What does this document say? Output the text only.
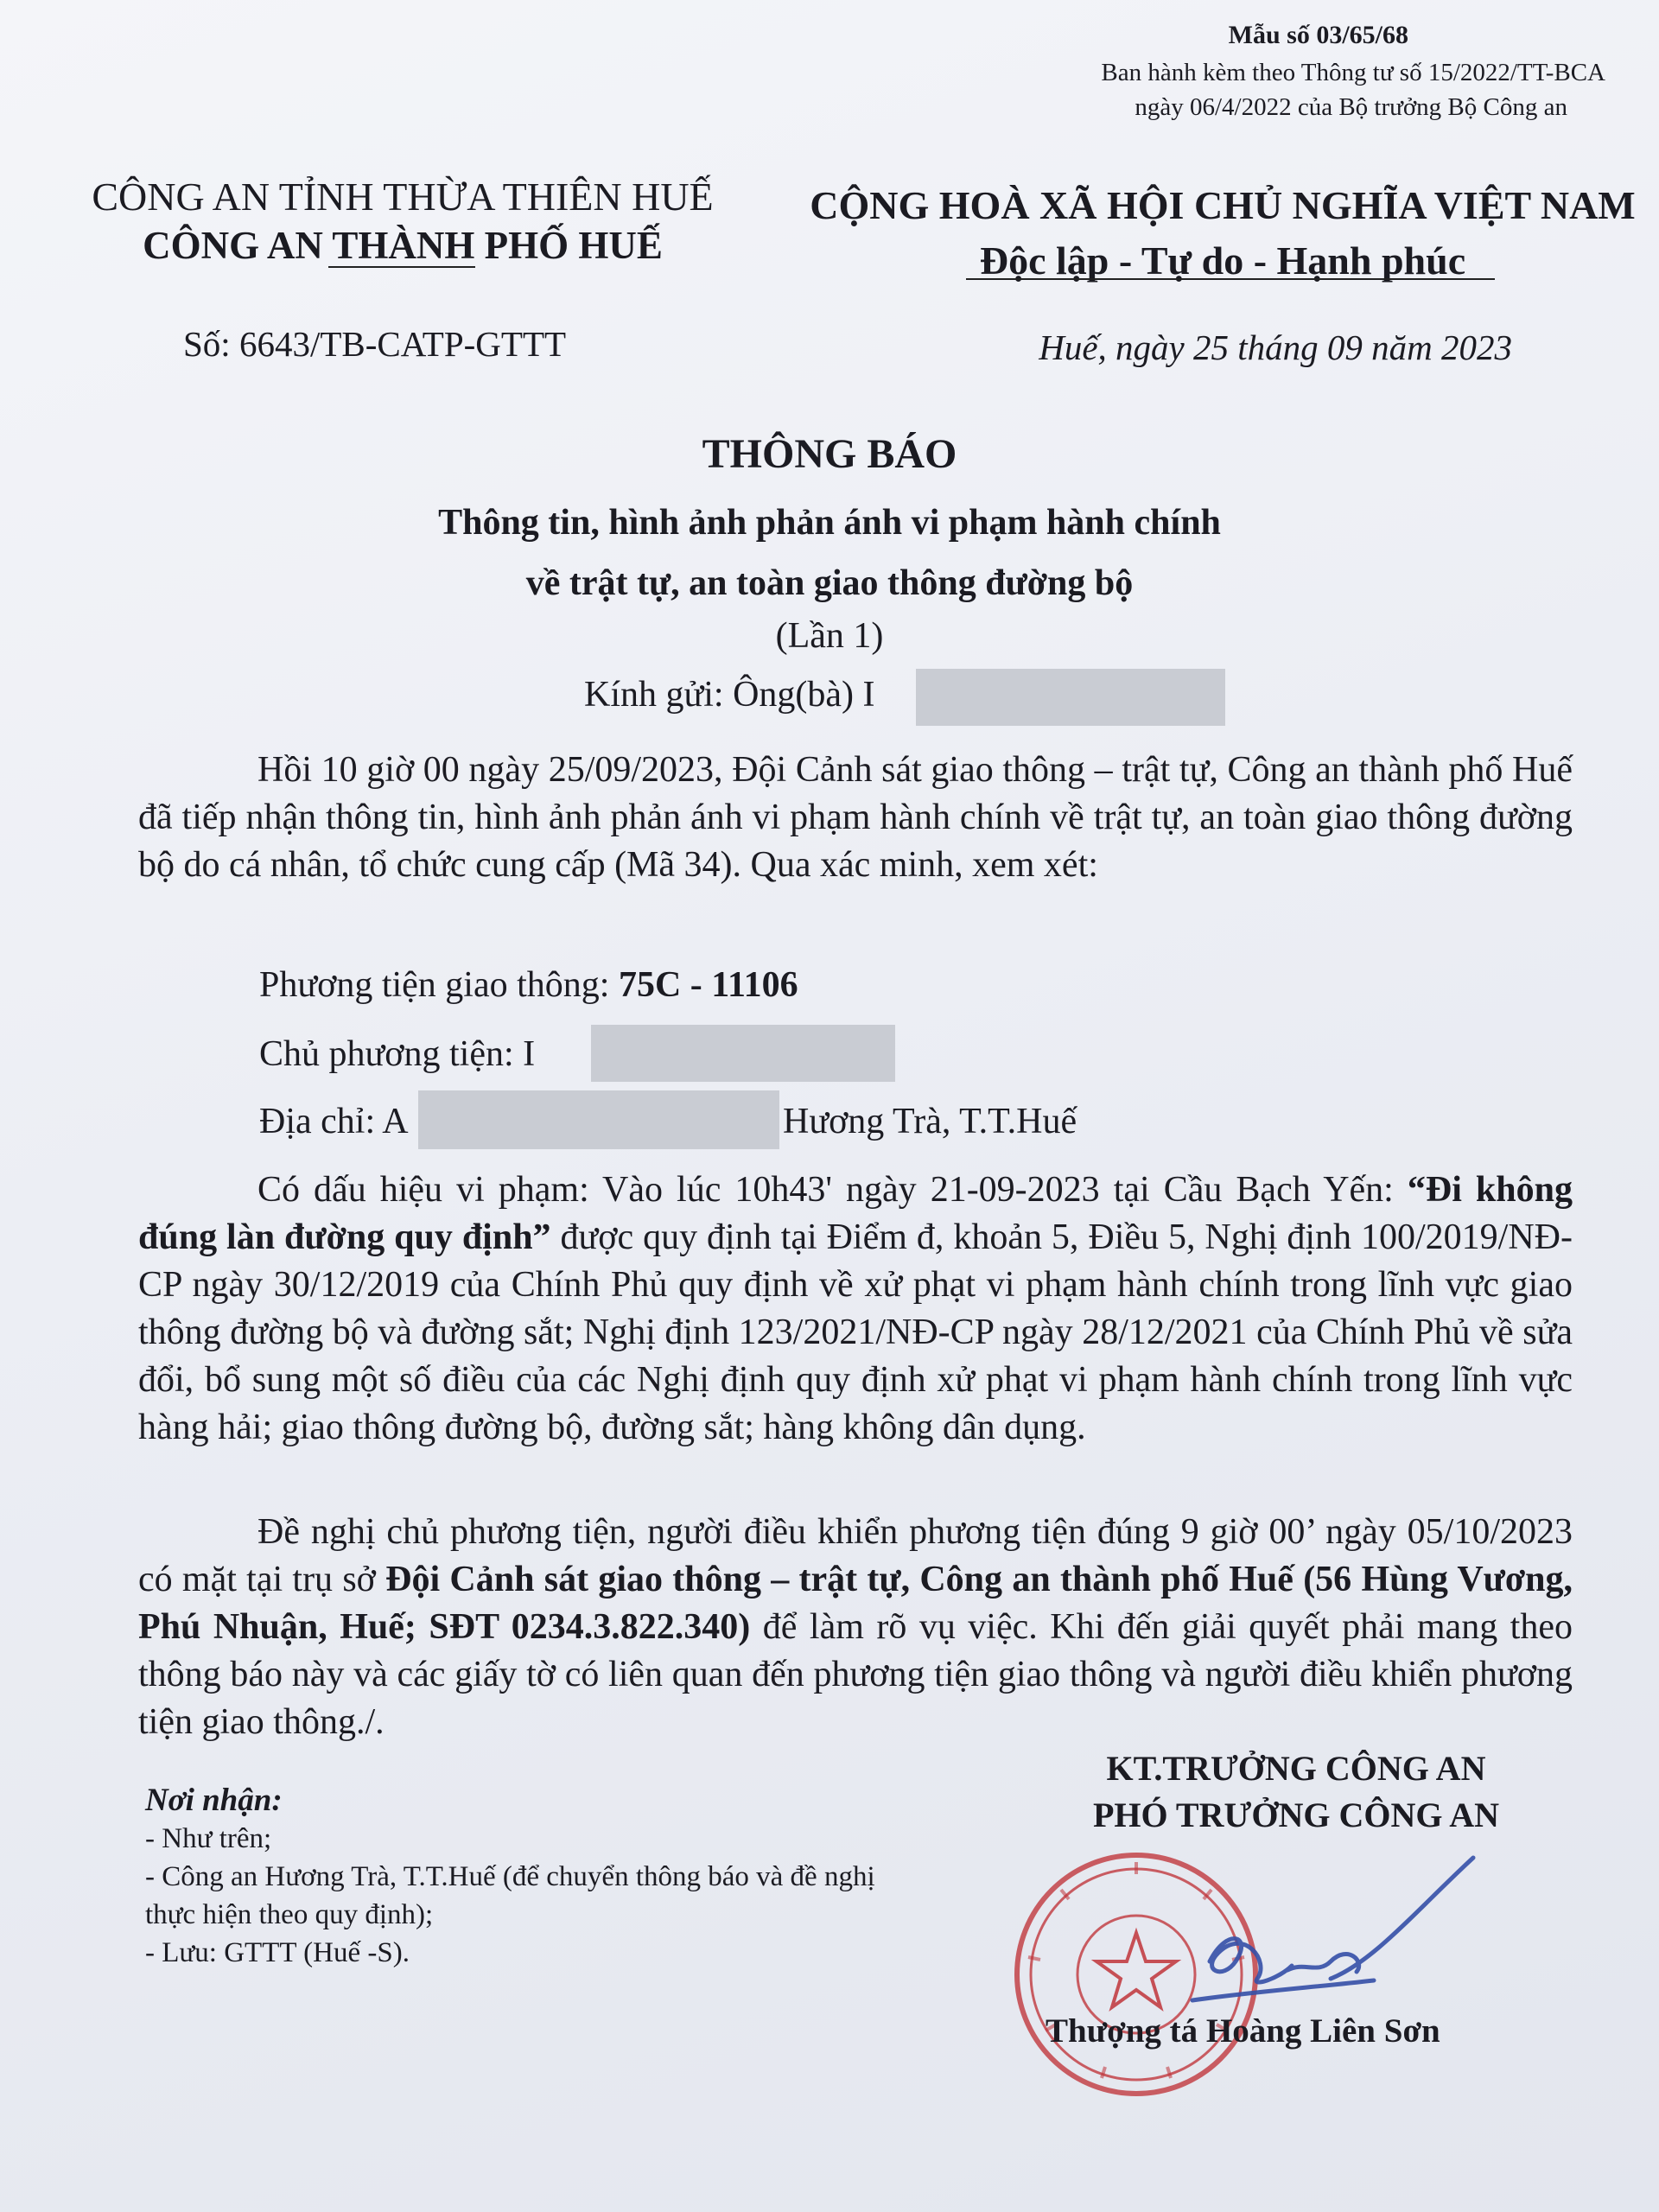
Mẫu số 03/65/68
Ban hành kèm theo Thông tư số 15/2022/TT-BCA
ngày 06/4/2022 của Bộ trưởng Bộ Công an
CÔNG AN TỈNH THỪA THIÊN HUẾ
CÔNG AN THÀNH PHỐ HUẾ
CỘNG HOÀ XÃ HỘI CHỦ NGHĨA VIỆT NAM
Độc lập - Tự do - Hạnh phúc
Số: 6643/TB-CATP-GTTT	Huế, ngày 25 tháng 09 năm 2023
THÔNG BÁO
Thông tin, hình ảnh phản ánh vi phạm hành chính
về trật tự, an toàn giao thông đường bộ
(Lần 1)
Kính gửi: Ông(bà) I

Hồi 10 giờ 00 ngày 25/09/2023, Đội Cảnh sát giao thông – trật tự, Công an thành phố Huế đã tiếp nhận thông tin, hình ảnh phản ánh vi phạm hành chính về trật tự, an toàn giao thông đường bộ do cá nhân, tổ chức cung cấp (Mã 34). Qua xác minh, xem xét:

Phương tiện giao thông: 75C - 11106
Chủ phương tiện: I
Địa chỉ: A	Hương Trà, T.T.Huế

Có dấu hiệu vi phạm: Vào lúc 10h43' ngày 21-09-2023 tại Cầu Bạch Yến: “Đi không đúng làn đường quy định” được quy định tại Điểm đ, khoản 5, Điều 5, Nghị định 100/2019/NĐ-CP ngày 30/12/2019 của Chính Phủ quy định về xử phạt vi phạm hành chính trong lĩnh vực giao thông đường bộ và đường sắt; Nghị định 123/2021/NĐ-CP ngày 28/12/2021 của Chính Phủ về sửa đổi, bổ sung một số điều của các Nghị định quy định xử phạt vi phạm hành chính trong lĩnh vực hàng hải; giao thông đường bộ, đường sắt; hàng không dân dụng.

Đề nghị chủ phương tiện, người điều khiển phương tiện đúng 9 giờ 00’ ngày 05/10/2023 có mặt tại trụ sở Đội Cảnh sát giao thông – trật tự, Công an thành phố Huế (56 Hùng Vương, Phú Nhuận, Huế; SĐT 0234.3.822.340) để làm rõ vụ việc. Khi đến giải quyết phải mang theo thông báo này và các giấy tờ có liên quan đến phương tiện giao thông và người điều khiển phương tiện giao thông./.

Nơi nhận:
- Như trên;
- Công an Hương Trà, T.T.Huế (để chuyển thông báo và đề nghị thực hiện theo quy định);
- Lưu: GTTT (Huế -S).
KT.TRƯỞNG CÔNG AN
PHÓ TRƯỞNG CÔNG AN
Thượng tá Hoàng Liên Sơn
